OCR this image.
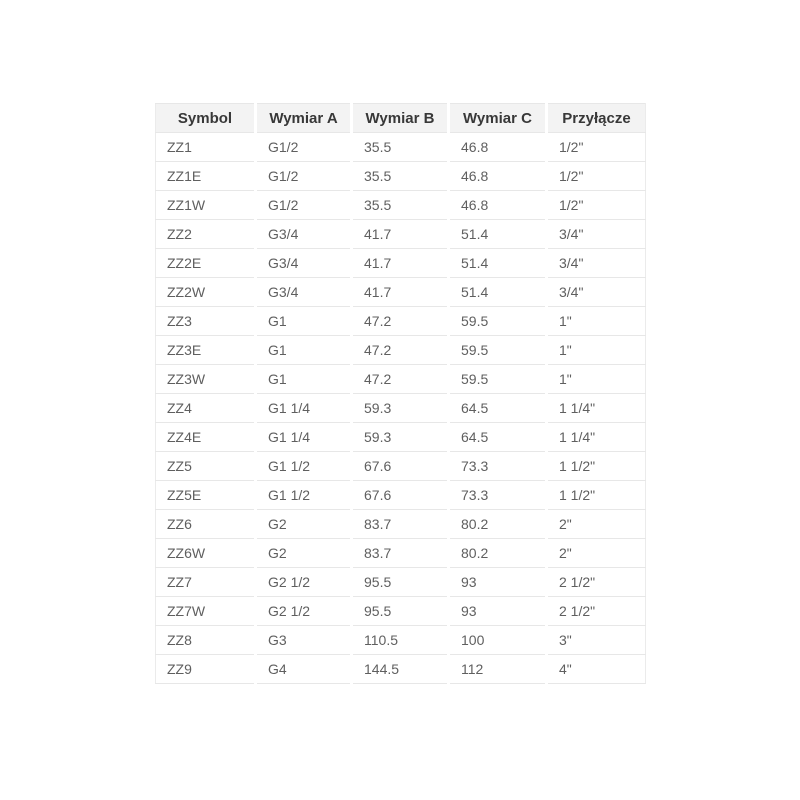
Symbol	Wymiar A	Wymiar B	Wymiar C	Przyłącze
ZZ1	G1/2	35.5	46.8	1/2"
ZZ1E	G1/2	35.5	46.8	1/2"
ZZ1W	G1/2	35.5	46.8	1/2"
ZZ2	G3/4	41.7	51.4	3/4"
ZZ2E	G3/4	41.7	51.4	3/4"
ZZ2W	G3/4	41.7	51.4	3/4"
ZZ3	G1	47.2	59.5	1"
ZZ3E	G1	47.2	59.5	1"
ZZ3W	G1	47.2	59.5	1"
ZZ4	G1 1/4	59.3	64.5	1 1/4"
ZZ4E	G1 1/4	59.3	64.5	1 1/4"
ZZ5	G1 1/2	67.6	73.3	1 1/2"
ZZ5E	G1 1/2	67.6	73.3	1 1/2"
ZZ6	G2	83.7	80.2	2"
ZZ6W	G2	83.7	80.2	2"
ZZ7	G2 1/2	95.5	93	2 1/2"
ZZ7W	G2 1/2	95.5	93	2 1/2"
ZZ8	G3	110.5	100	3"
ZZ9	G4	144.5	112	4"
